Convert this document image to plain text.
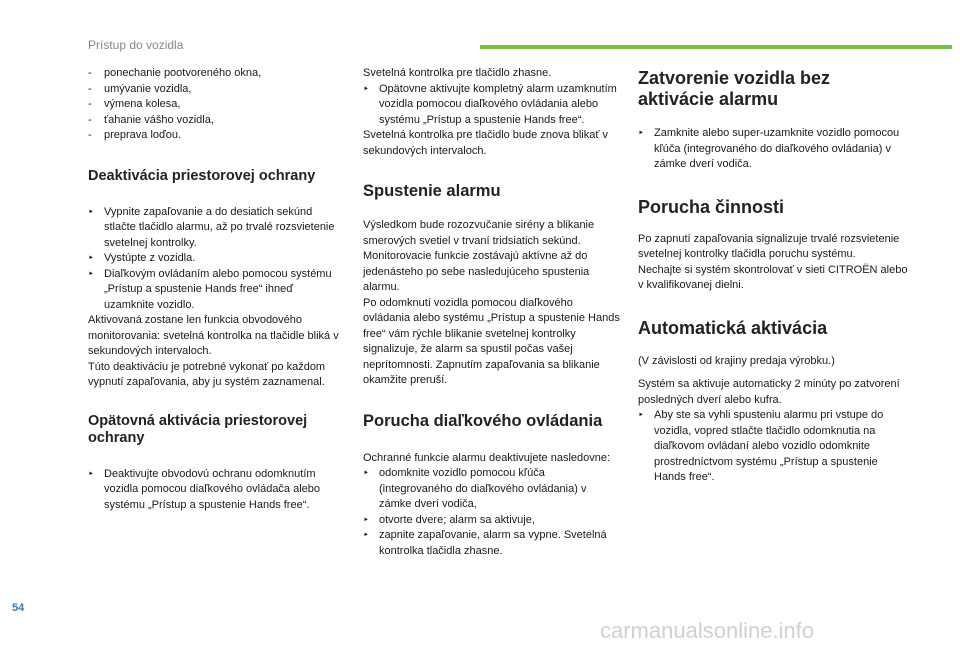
Prístup do vozidla

- ponechanie pootvoreného okna,

- umývanie vozidla,

- výmena kolesa,

- ťahanie vášho vozidla,

- preprava loďou.

Deaktivácia priestorovej ochrany

‣ Vypnite zapaľovanie a do desiatich sekúnd stlačte tlačidlo alarmu, až po trvalé rozsvietenie svetelnej kontrolky.

‣ Vystúpte z vozidla.

‣ Diaľkovým ovládaním alebo pomocou systému „Prístup a spustenie Hands free“ ihneď uzamknite vozidlo.

Aktivovaná zostane len funkcia obvodového monitorovania: svetelná kontrolka na tlačidle bliká v sekundových intervaloch.

Túto deaktiváciu je potrebné vykonať po každom vypnutí zapaľovania, aby ju systém zaznamenal.

Opätovná aktivácia priestorovej ochrany

‣ Deaktivujte obvodovú ochranu odomknutím vozidla pomocou diaľkového ovládača alebo systému „Prístup a spustenie Hands free“.

Svetelná kontrolka pre tlačidlo zhasne.

‣ Opätovne aktivujte kompletný alarm uzamknutím vozidla pomocou diaľkového ovládania alebo systému „Prístup a spustenie Hands free“.

Svetelná kontrolka pre tlačidlo bude znova blikať v sekundových intervaloch.

Spustenie alarmu

Výsledkom bude rozozvučanie sirény a blikanie smerových svetiel v trvaní tridsiatich sekúnd. Monitorovacie funkcie zostávajú aktívne až do jedenásteho po sebe nasledujúceho spustenia alarmu.

Po odomknutí vozidla pomocou diaľkového ovládania alebo systému „Prístup a spustenie Hands free“ vám rýchle blikanie svetelnej kontrolky signalizuje, že alarm sa spustil počas vašej neprítomnosti. Zapnutím zapaľovania sa blikanie okamžite preruší.

Porucha diaľkového ovládania

Ochranné funkcie alarmu deaktivujete nasledovne:

‣ odomknite vozidlo pomocou kľúča (integrovaného do diaľkového ovládania) v zámke dverí vodiča,

‣ otvorte dvere; alarm sa aktivuje,

‣ zapnite zapaľovanie, alarm sa vypne. Svetelná kontrolka tlačidla zhasne.

Zatvorenie vozidla bez aktivácie alarmu

‣ Zamknite alebo super-uzamknite vozidlo pomocou kľúča (integrovaného do diaľkového ovládania) v zámke dverí vodiča.

Porucha činnosti

Po zapnutí zapaľovania signalizuje trvalé rozsvietenie svetelnej kontrolky tlačidla poruchu systému.

Nechajte si systém skontrolovať v sieti CITROËN alebo v kvalifikovanej dielni.

Automatická aktivácia

(V závislosti od krajiny predaja výrobku.)

Systém sa aktivuje automaticky 2 minúty po zatvorení posledných dverí alebo kufra.

‣ Aby ste sa vyhli spusteniu alarmu pri vstupe do vozidla, vopred stlačte tlačidlo odomknutia na diaľkovom ovládaní alebo vozidlo odomknite prostredníctvom systému „Prístup a spustenie Hands free“.

54
carmanualsonline.info
